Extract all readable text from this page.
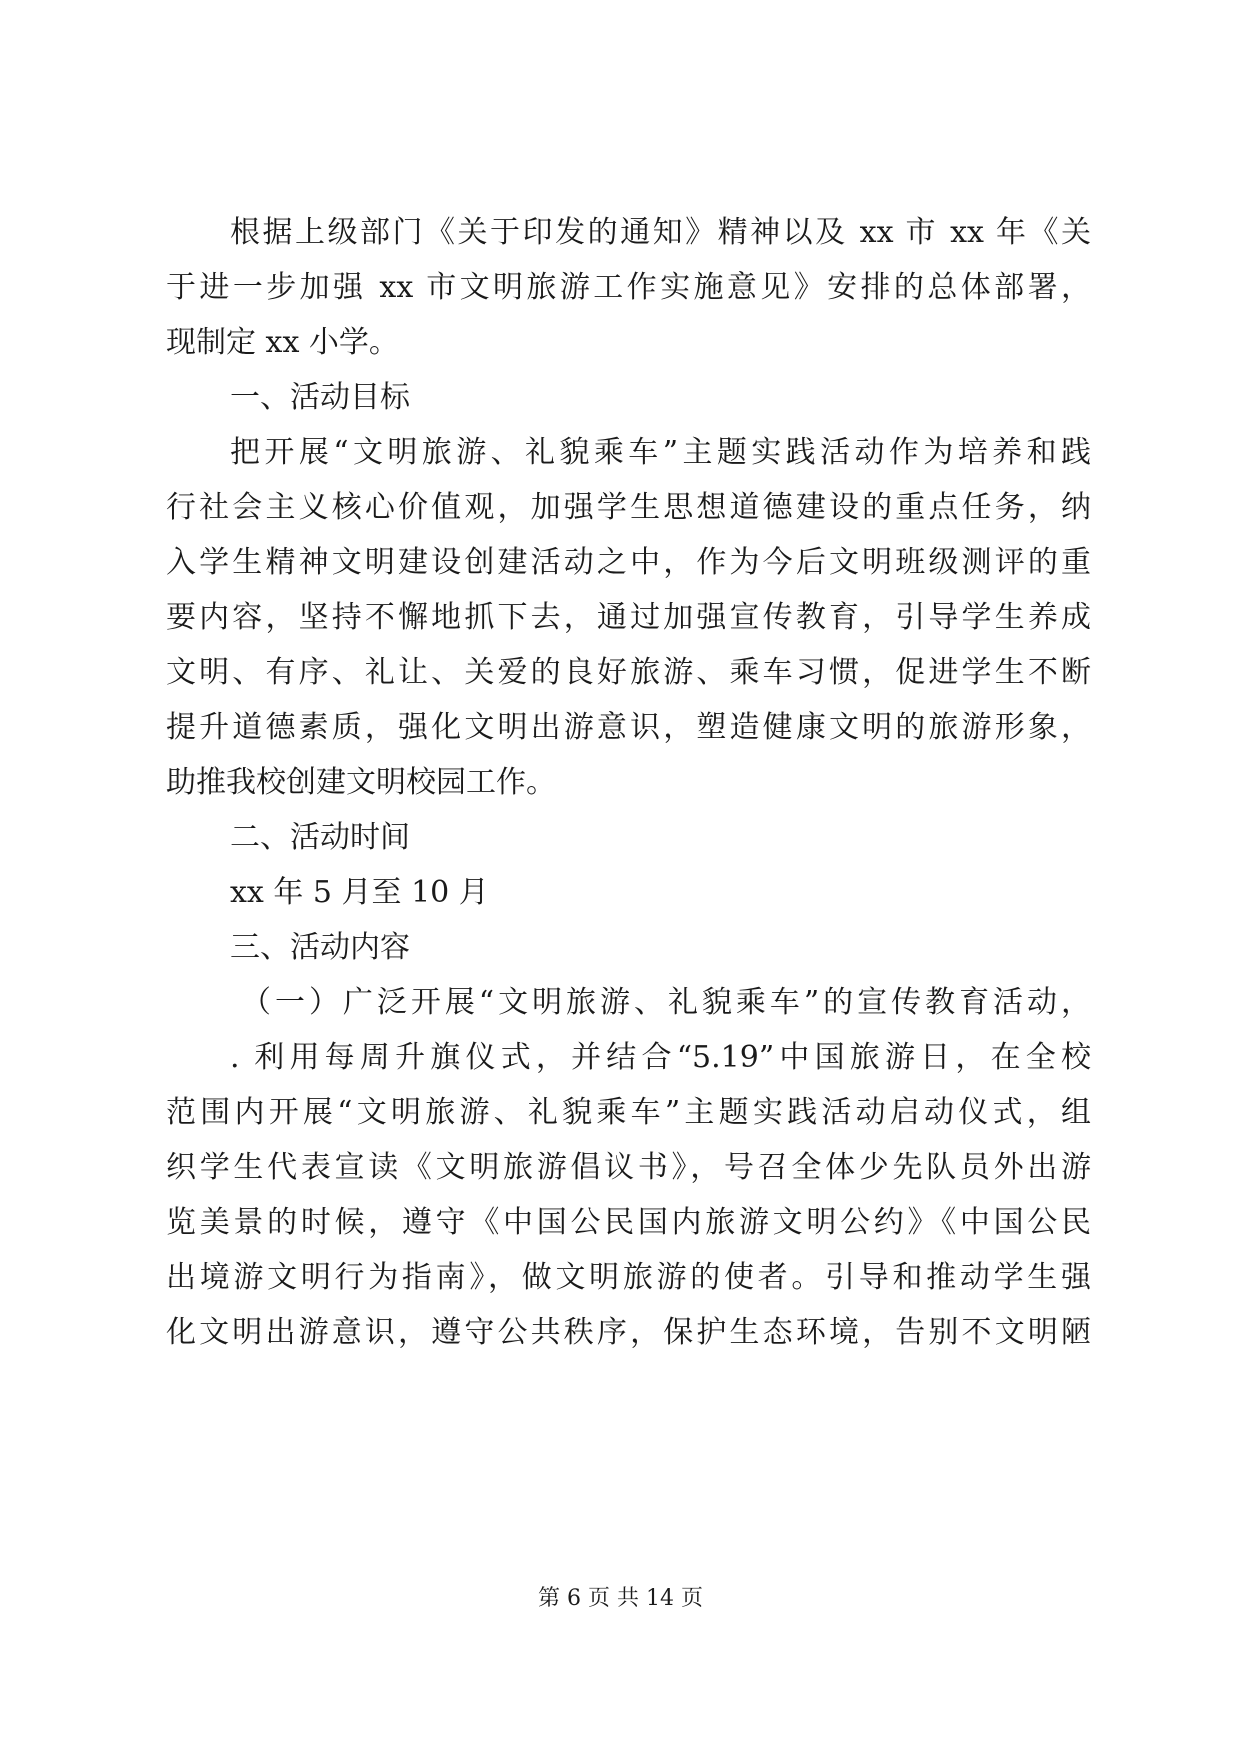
根据上级部门《关于印发的通知》精神以及 xx 市 xx 年《关
于进一步加强 xx 市文明旅游工作实施意见》安排的总体部署，
现制定 xx 小学。
一、活动目标
把开展“文明旅游、礼貌乘车”主题实践活动作为培养和践
行社会主义核心价值观，加强学生思想道德建设的重点任务，纳
入学生精神文明建设创建活动之中，作为今后文明班级测评的重
要内容，坚持不懈地抓下去，通过加强宣传教育，引导学生养成
文明、有序、礼让、关爱的良好旅游、乘车习惯，促进学生不断
提升道德素质，强化文明出游意识，塑造健康文明的旅游形象，
助推我校创建文明校园工作。
二、活动时间
xx 年 5 月至 10 月
三、活动内容
（一）广泛开展“文明旅游、礼貌乘车”的宣传教育活动，
. 利用每周升旗仪式，并结合“5.19”中国旅游日，在全校
范围内开展“文明旅游、礼貌乘车”主题实践活动启动仪式，组
织学生代表宣读《文明旅游倡议书》，号召全体少先队员外出游
览美景的时候，遵守《中国公民国内旅游文明公约》《中国公民
出境游文明行为指南》，做文明旅游的使者。引导和推动学生强
化文明出游意识，遵守公共秩序，保护生态环境，告别不文明陋
第 6 页 共 14 页
